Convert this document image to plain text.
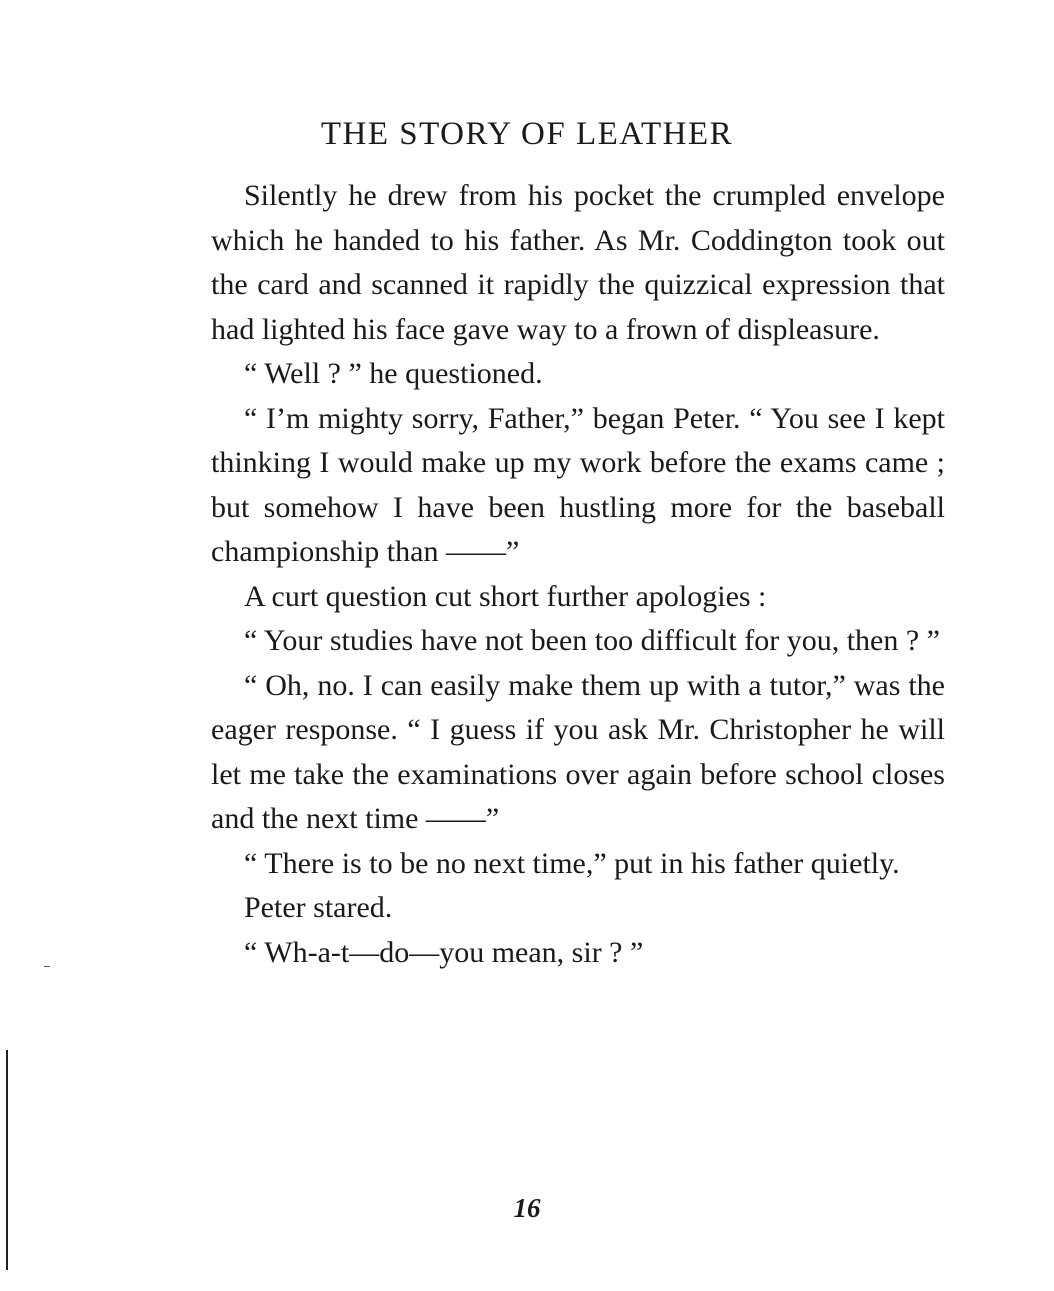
THE STORY OF LEATHER

Silently he drew from his pocket the crumpled envelope which he handed to his father. As Mr. Coddington took out the card and scanned it rapidly the quizzical expression that had lighted his face gave way to a frown of displeasure.

“ Well ? ” he questioned.

“ I’m mighty sorry, Father,” began Peter. “ You see I kept thinking I would make up my work before the exams came ; but somehow I have been hustling more for the baseball championship than ——”

A curt question cut short further apologies :

“ Your studies have not been too difficult for you, then ? ”

“ Oh, no. I can easily make them up with a tutor,” was the eager response. “ I guess if you ask Mr. Christopher he will let me take the examinations over again before school closes and the next time ——”

“ There is to be no next time,” put in his father quietly.

Peter stared.

“ Wh-a-t—do—you mean, sir ? ”

16
